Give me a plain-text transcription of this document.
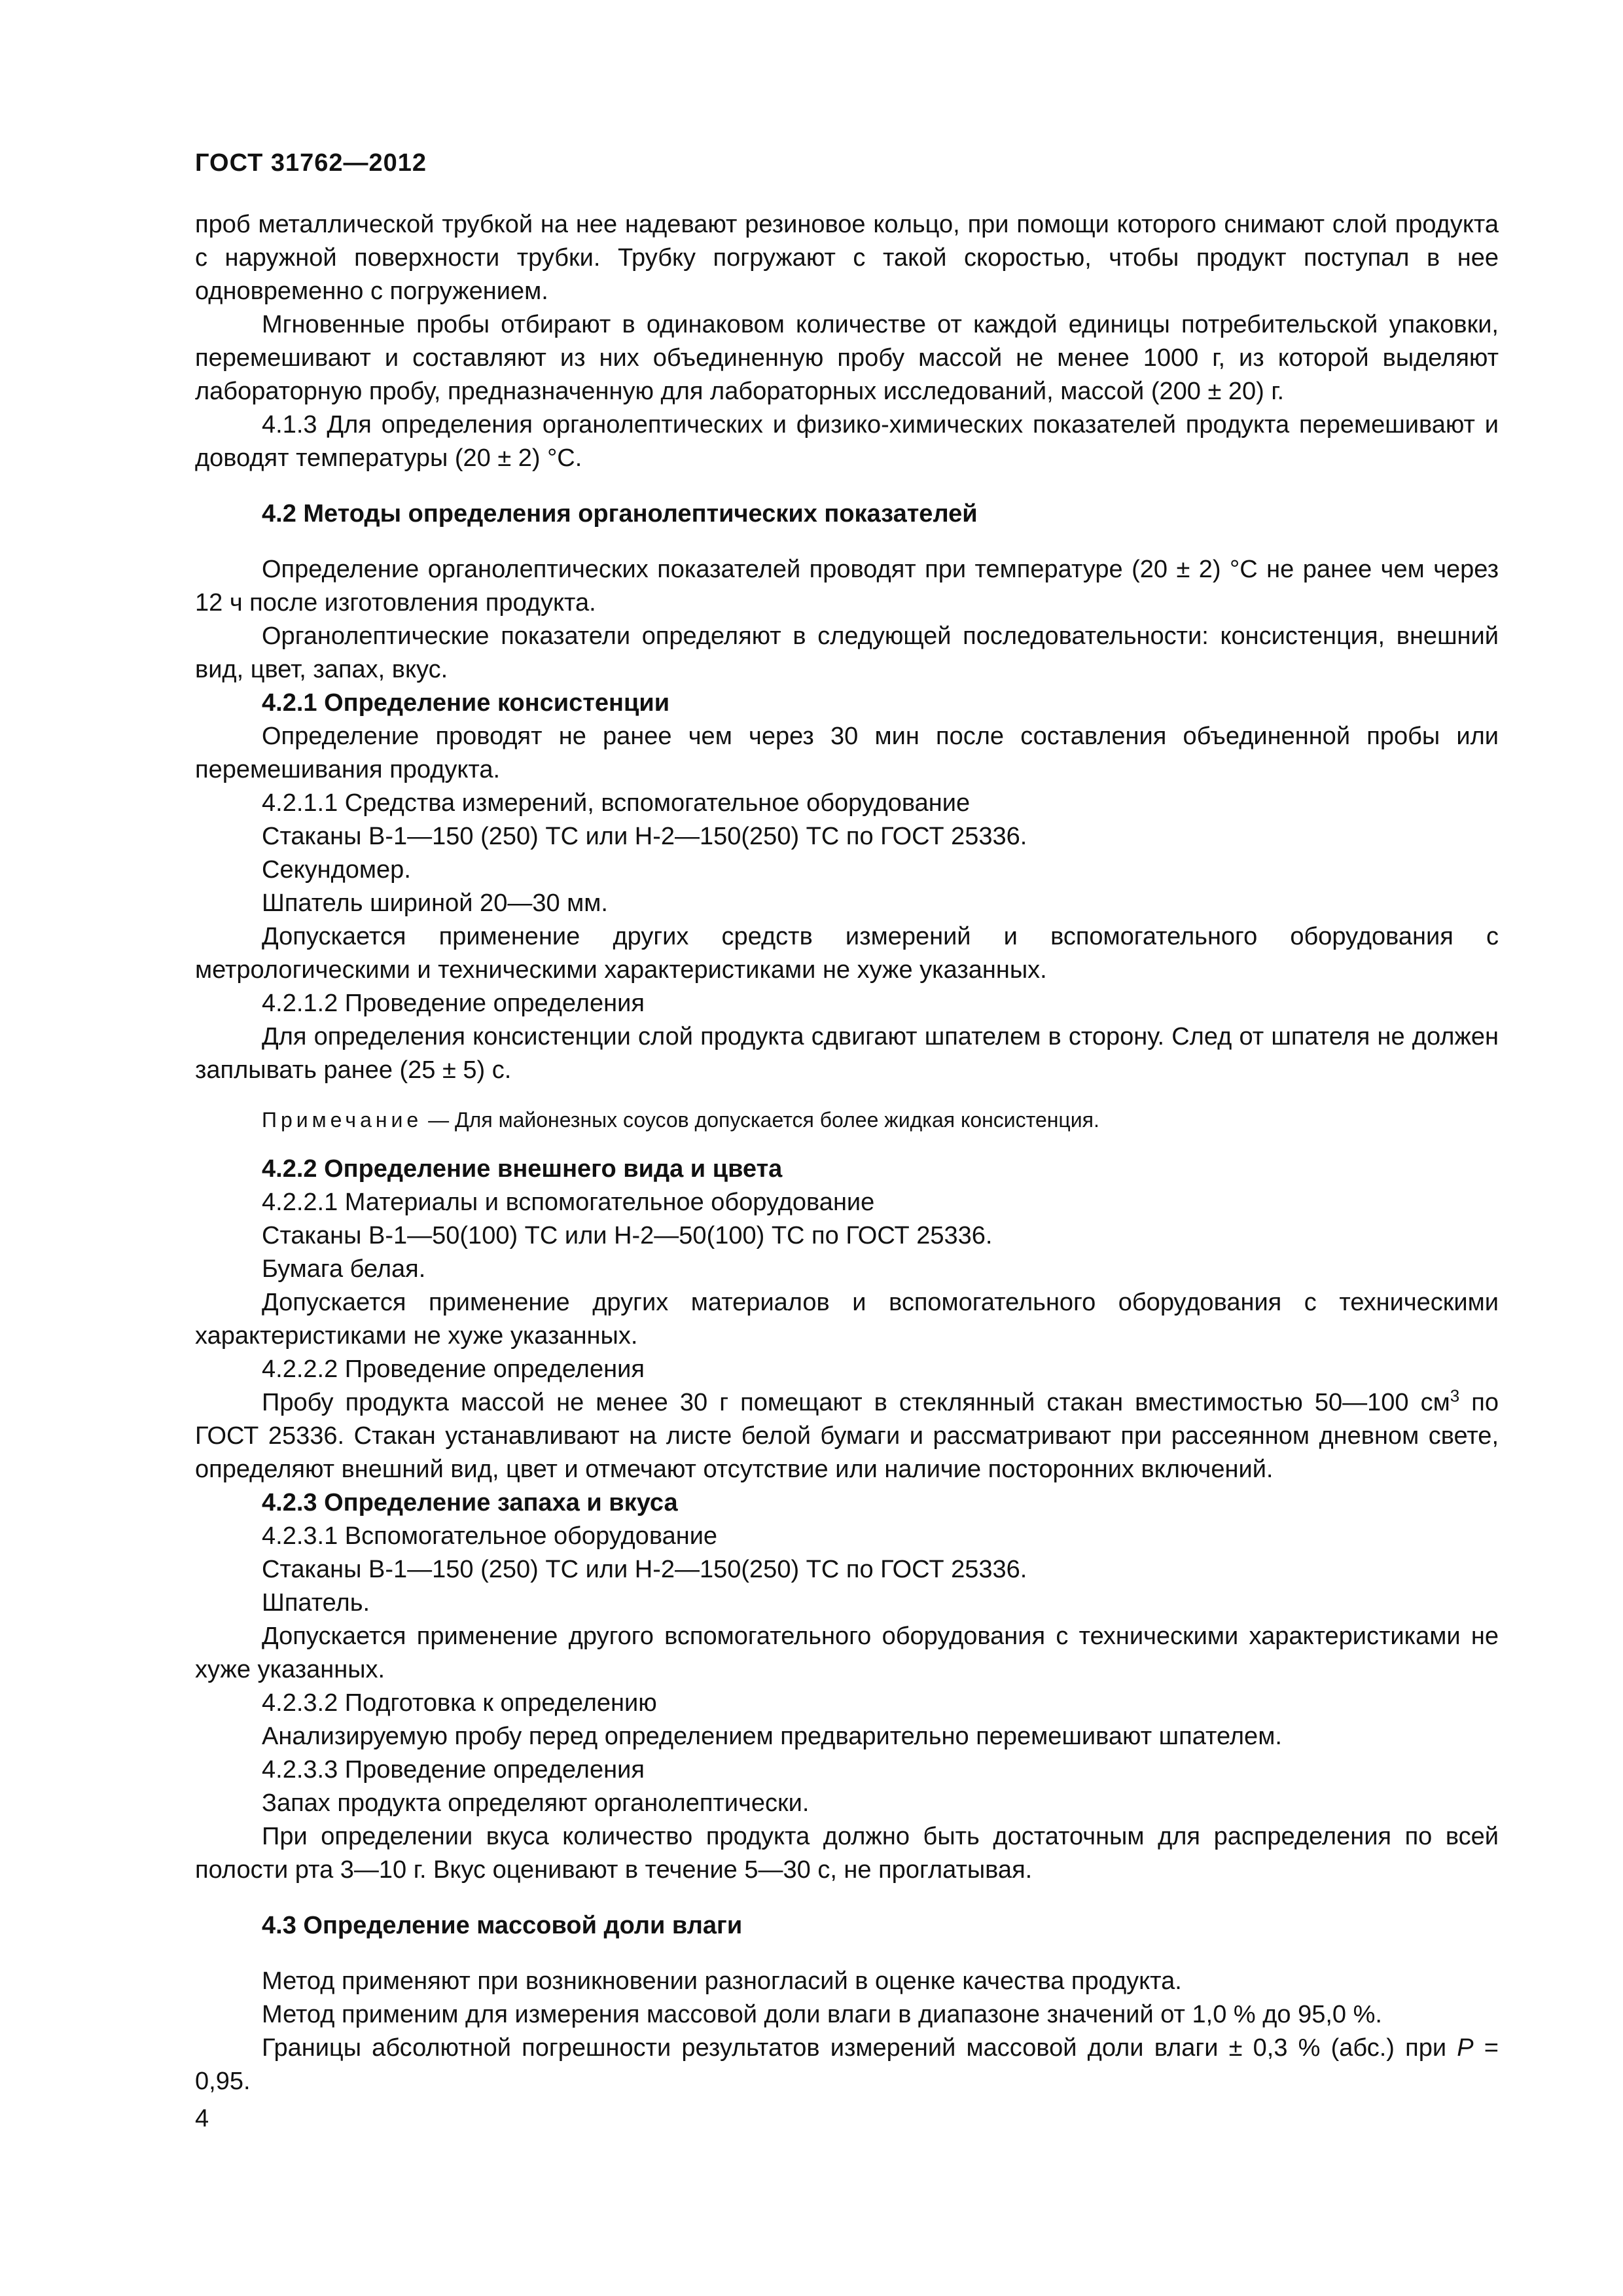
ГОСТ 31762—2012

проб металлической трубкой на нее надевают резиновое кольцо, при помощи которого снимают слой продукта с наружной поверхности трубки. Трубку погружают с такой скоростью, чтобы продукт поступал в нее одновременно с погружением.

Мгновенные пробы отбирают в одинаковом количестве от каждой единицы потребительской упаковки, перемешивают и составляют из них объединенную пробу массой не менее 1000 г, из которой выделяют лабораторную пробу, предназначенную для лабораторных исследований, массой (200 ± 20) г.

4.1.3 Для определения органолептических и физико-химических показателей продукта перемешивают и доводят температуры (20 ± 2) °С.

4.2 Методы определения органолептических показателей

Определение органолептических показателей проводят при температуре (20 ± 2) °С не ранее чем через 12 ч после изготовления продукта.

Органолептические показатели определяют в следующей последовательности: консистенция, внешний вид, цвет, запах, вкус.

4.2.1 Определение консистенции

Определение проводят не ранее чем через 30 мин после составления объединенной пробы или перемешивания продукта.

4.2.1.1 Средства измерений, вспомогательное оборудование

Стаканы В-1—150 (250) ТС или Н-2—150(250) ТС по ГОСТ 25336.

Секундомер.

Шпатель шириной 20—30 мм.

Допускается применение других средств измерений и вспомогательного оборудования с метрологическими и техническими характеристиками не хуже указанных.

4.2.1.2 Проведение определения

Для определения консистенции слой продукта сдвигают шпателем в сторону. След от шпателя не должен заплывать ранее (25 ± 5) с.

Примечание — Для майонезных соусов допускается более жидкая консистенция.

4.2.2 Определение внешнего вида и цвета

4.2.2.1 Материалы и вспомогательное оборудование

Стаканы В-1—50(100) ТС или Н-2—50(100) ТС по ГОСТ 25336.

Бумага белая.

Допускается применение других материалов и вспомогательного оборудования с техническими характеристиками не хуже указанных.

4.2.2.2 Проведение определения

Пробу продукта массой не менее 30 г помещают в стеклянный стакан вместимостью 50—100 $см^3$ по ГОСТ 25336. Стакан устанавливают на листе белой бумаги и рассматривают при рассеянном дневном свете, определяют внешний вид, цвет и отмечают отсутствие или наличие посторонних включений.

4.2.3 Определение запаха и вкуса

4.2.3.1 Вспомогательное оборудование

Стаканы В-1—150 (250) ТС или Н-2—150(250) ТС по ГОСТ 25336.

Шпатель.

Допускается применение другого вспомогательного оборудования с техническими характеристиками не хуже указанных.

4.2.3.2 Подготовка к определению

Анализируемую пробу перед определением предварительно перемешивают шпателем.

4.2.3.3 Проведение определения

Запах продукта определяют органолептически.

При определении вкуса количество продукта должно быть достаточным для распределения по всей полости рта 3—10 г. Вкус оценивают в течение 5—30 с, не проглатывая.

4.3 Определение массовой доли влаги

Метод применяют при возникновении разногласий в оценке качества продукта.

Метод применим для измерения массовой доли влаги в диапазоне значений от 1,0 % до 95,0 %.

Границы абсолютной погрешности результатов измерений массовой доли влаги ± 0,3 % (абс.) при P = 0,95.

4
